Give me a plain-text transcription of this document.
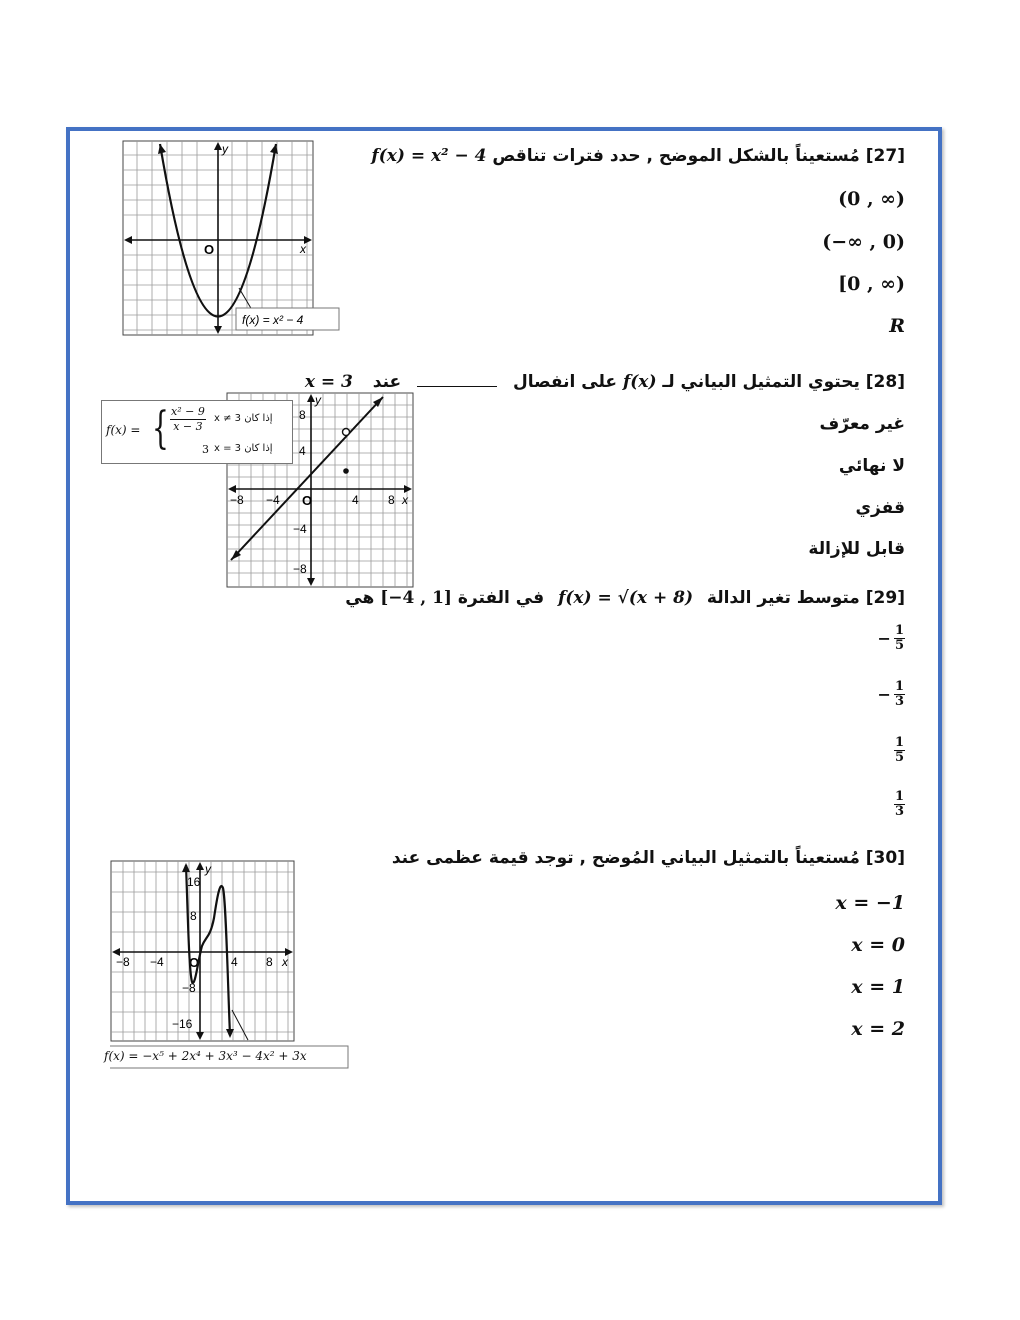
[27] مُستعيناً بالشكل الموضح , حدد فترات تناقص f(x) = x² − 4
(0 , ∞)
(−∞ , 0)
[0 , ∞)
R
y
x
O
f(x) = x² − 4
[28] يحتوي التمثيل البياني لـ f(x) على انفصال  عند x = 3
غير معرّف
لا نهائي
قفزي
قابل للإزالة
8
4
−4
−8
−8 −4	4 8
y
x
O
f(x) = { $\frac{\text{x² − 9}}{x - 3}$ إذا كان x ≠ 3
3 إذا كان x = 3
[29] متوسط تغير الدالة f(x) = √(x + 8) في الفترة [−4 , 1] هي
− $\frac{1}{5}$
− $\frac{1}{3}$
$\frac{1}{5}$
$\frac{1}{3}$
[30] مُستعيناً بالتمثيل البياني المُوضح , توجد قيمة عظمى عند
x = −1
x = 0
x = 1
x = 2
16
8
−8
−16
−8 −4	4 8
y
x
O
f(x) = −x⁵ + 2x⁴ + 3x³ − 4x² + 3x
